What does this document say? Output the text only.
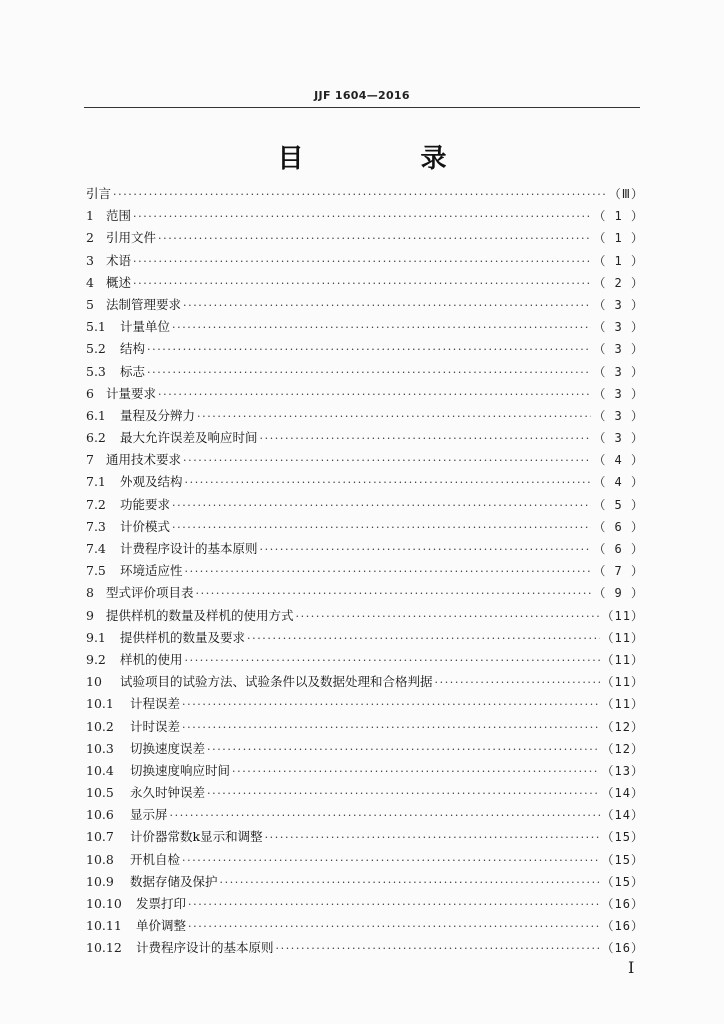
JJF 1604—2016
目 录
引言 ·····	（Ⅲ）
1 范围 ·····	（ 1 ）
2 引用文件 ·····	（ 1 ）
3 术语 ·····	（ 1 ）
4 概述 ·····	（ 2 ）
5 法制管理要求 ·····	（ 3 ）
5.1	计量单位 ·····	（ 3 ）
5.2	结构 ·····	（ 3 ）
5.3	标志 ·····	（ 3 ）
6 计量要求 ·····	（ 3 ）
6.1	量程及分辨力 ·····	（ 3 ）
6.2	最大允许误差及响应时间 ·····	（ 3 ）
7 通用技术要求 ·····	（ 4 ）
7.1	外观及结构 ·····	（ 4 ）
7.2	功能要求 ·····	（ 5 ）
7.3	计价模式 ·····	（ 6 ）
7.4	计费程序设计的基本原则 ·····	（ 6 ）
7.5	环境适应性 ·····	（ 7 ）
8 型式评价项目表 ·····	（ 9 ）
9 提供样机的数量及样机的使用方式 ·····	（11）
9.1	提供样机的数量及要求 ·····	（11）
9.2	样机的使用 ·····	（11）
10	试验项目的试验方法、试验条件以及数据处理和合格判据 ·····	（11）
10.1	计程误差 ·····	（11）
10.2	计时误差 ·····	（12）
10.3	切换速度误差 ·····	（12）
10.4	切换速度响应时间 ·····	（13）
10.5	永久时钟误差 ·····	（14）
10.6	显示屏 ·····	（14）
10.7	计价器常数k显示和调整 ·····	（15）
10.8	开机自检 ·····	（15）
10.9	数据存储及保护 ·····	（15）
10.10	发票打印 ·····	（16）
10.11	单价调整 ·····	（16）
10.12	计费程序设计的基本原则 ·····	（16）
I
